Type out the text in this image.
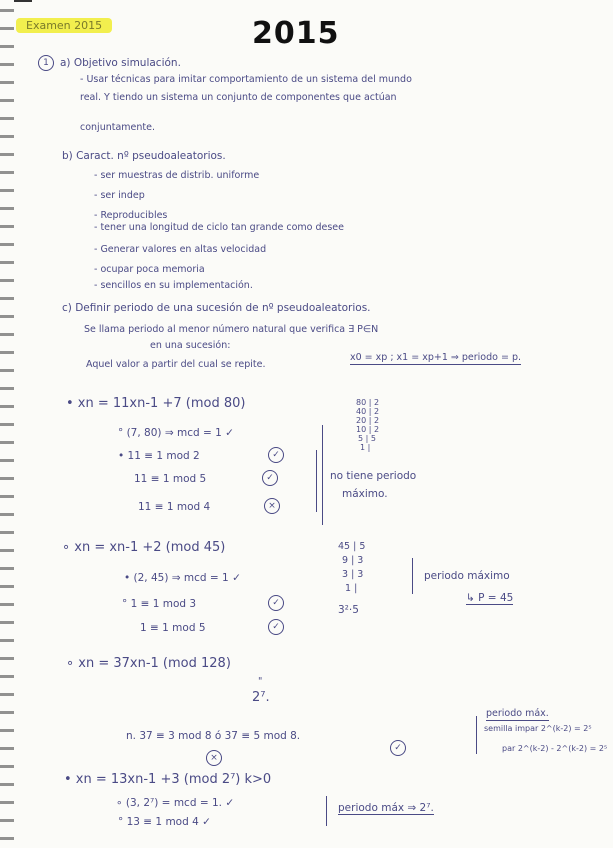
Examen 2015	2015
1	a) Objetivo simulación.
- Usar técnicas para imitar comportamiento de un sistema del mundo
real. Y tiendo un sistema un conjunto de componentes que actúan
conjuntamente.
b) Caract. nº pseudoaleatorios.
- ser muestras de distrib. uniforme
- ser indep
- Reproducibles
- tener una longitud de ciclo tan grande como desee
- Generar valores en altas velocidad
- ocupar poca memoria
- sencillos en su implementación.
c) Definir periodo de una sucesión de nº pseudoaleatorios.
Se llama periodo al menor número natural que verifica ∃ P∈N
en una sucesión:
Aquel valor a partir del cual se repite.
x0 = xp ; x1 = xp+1 ⇒ periodo = p.
• xn = 11xn-1 +7 (mod 80)
° (7, 80) ⇒ mcd = 1 ✓
• 11 ≡ 1 mod 2	✓
11 ≡ 1 mod 5	✓
11 ≡ 1 mod 4	×
80 | 2
40 | 2
20 | 2
10 | 2
5 | 5
1 |
no tiene periodo
máximo.
∘ xn = xn-1 +2 (mod 45)
• (2, 45) ⇒ mcd = 1 ✓
° 1 ≡ 1 mod 3	✓
1 ≡ 1 mod 5	✓
45 | 5
9 | 3
3 | 3
1 |
3²·5
periodo máximo
↳ P = 45
∘ xn = 37xn-1 (mod 128)
"
2⁷.
n. 37 ≡ 3 mod 8 ó 37 ≡ 5 mod 8.
×
✓
periodo máx.
semilla impar 2^(k-2) = 2⁵
par 2^(k-2) - 2^(k-2) = 2⁵
• xn = 13xn-1 +3 (mod 2⁷) k>0
∘ (3, 2⁷) = mcd = 1. ✓
° 13 ≡ 1 mod 4 ✓
periodo máx ⇒ 2⁷.
